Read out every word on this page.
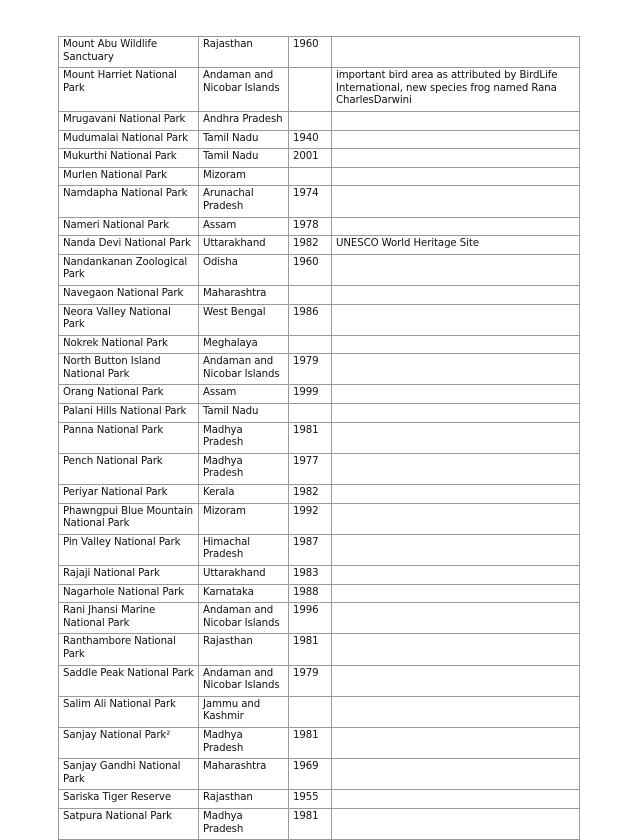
Mount Abu Wildlife Sanctuary	Rajasthan	1960	
Mount Harriet National Park	Andaman and Nicobar Islands		important bird area as attributed by BirdLife International, new species frog named Rana CharlesDarwini
Mrugavani National Park	Andhra Pradesh		
Mudumalai National Park	Tamil Nadu	1940	
Mukurthi National Park	Tamil Nadu	2001	
Murlen National Park	Mizoram		
Namdapha National Park	Arunachal Pradesh	1974	
Nameri National Park	Assam	1978	
Nanda Devi National Park	Uttarakhand	1982	UNESCO World Heritage Site
Nandankanan Zoological Park	Odisha	1960	
Navegaon National Park	Maharashtra		
Neora Valley National Park	West Bengal	1986	
Nokrek National Park	Meghalaya		
North Button Island National Park	Andaman and Nicobar Islands	1979	
Orang National Park	Assam	1999	
Palani Hills National Park	Tamil Nadu		
Panna National Park	Madhya Pradesh	1981	
Pench National Park	Madhya Pradesh	1977	
Periyar National Park	Kerala	1982	
Phawngpui Blue Mountain National Park	Mizoram	1992	
Pin Valley National Park	Himachal Pradesh	1987	
Rajaji National Park	Uttarakhand	1983	
Nagarhole National Park	Karnataka	1988	
Rani Jhansi Marine National Park	Andaman and Nicobar Islands	1996	
Ranthambore National Park	Rajasthan	1981	
Saddle Peak National Park	Andaman and Nicobar Islands	1979	
Salim Ali National Park	Jammu and Kashmir		
Sanjay National Park²	Madhya Pradesh	1981	
Sanjay Gandhi National Park	Maharashtra	1969	
Sariska Tiger Reserve	Rajasthan	1955	
Satpura National Park	Madhya Pradesh	1981	
